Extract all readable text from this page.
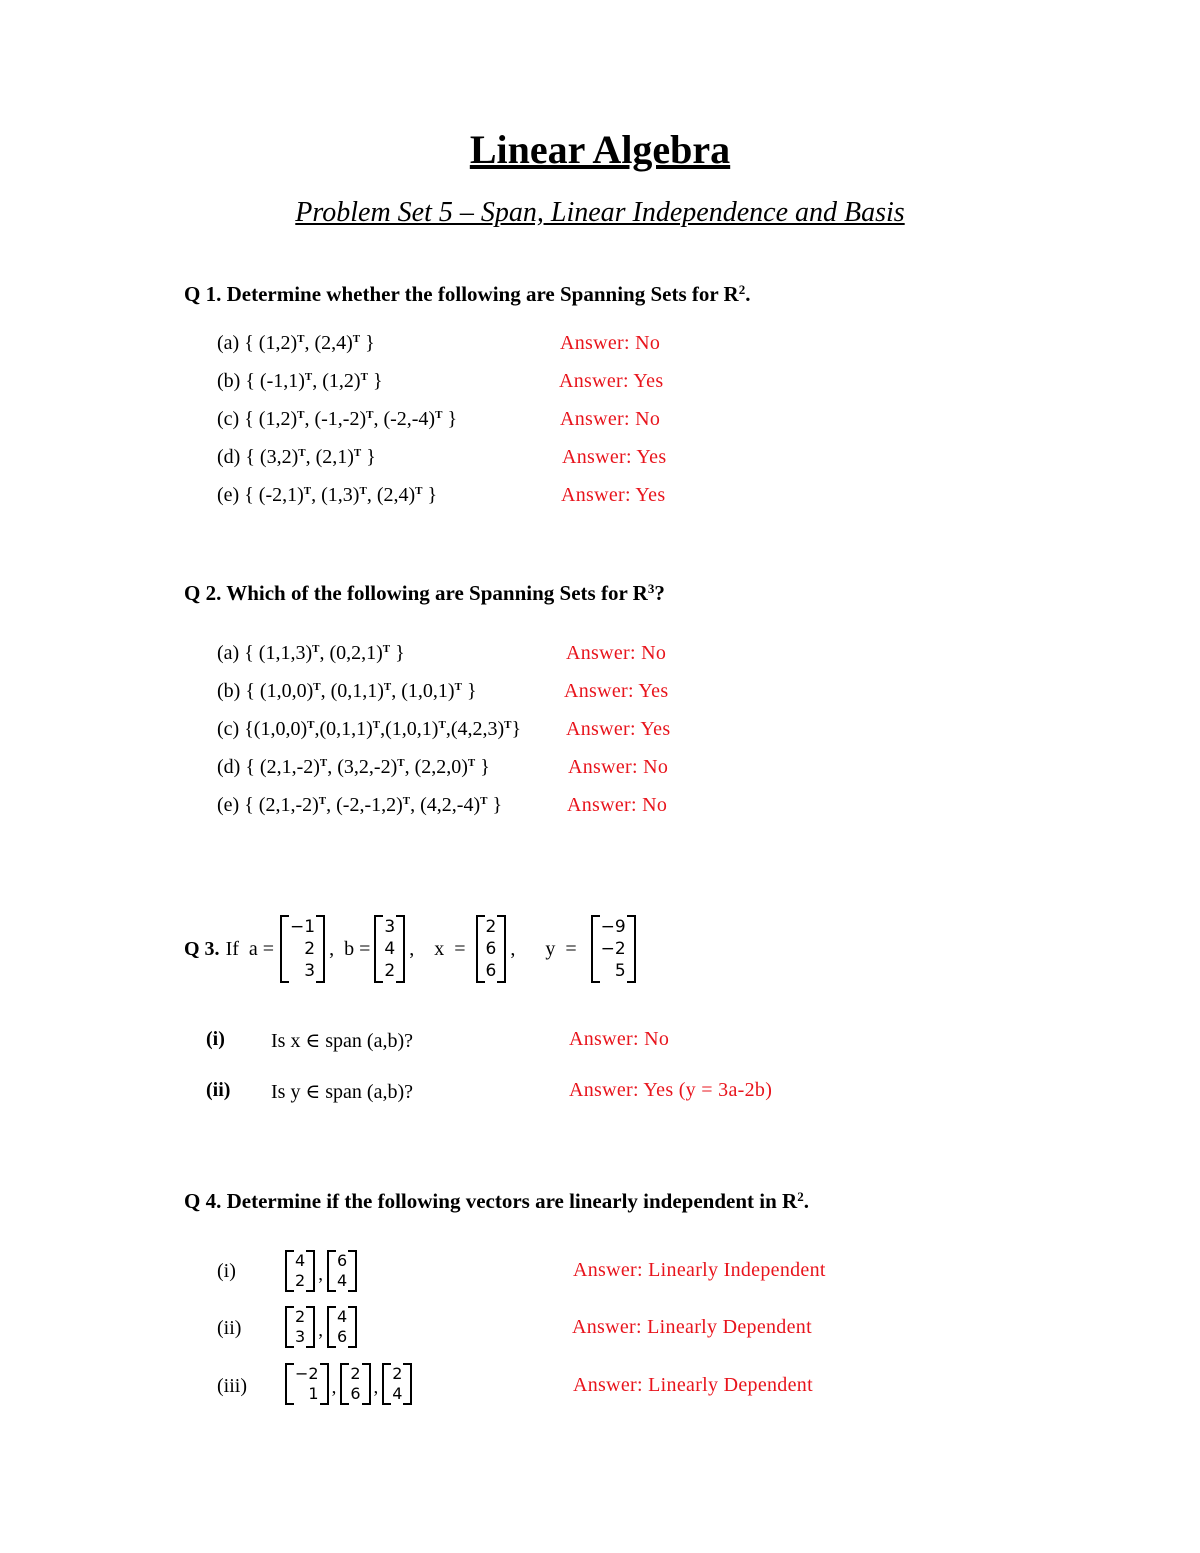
Linear Algebra
Problem Set 5 – Span, Linear Independence and Basis
Q 1. Determine whether the following are Spanning Sets for $R^2$.
(a) { $(1,2)^T$, $(2,4)^T$ }	Answer: No
(b) { $(-1,1)^T$, $(1,2)^T$ }	Answer: Yes
(c) { $(1,2)^T$, $(-1,-2)^T$, $(-2,-4)^T$ }	Answer: No
(d) { $(3,2)^T$, $(2,1)^T$ }	Answer: Yes
(e) { $(-2,1)^T$, $(1,3)^T$, $(2,4)^T$ }	Answer: Yes
Q 2. Which of the following are Spanning Sets for $R^3$?
(a) { $(1,1,3)^T$, $(0,2,1)^T$ }	Answer: No
(b) { $(1,0,0)^T$, $(0,1,1)^T$, $(1,0,1)^T$ }	Answer: Yes
(c) $\{(1,0,0)^T,(0,1,1)^T,(1,0,1)^T,(4,2,3)^T\}$ Answer: Yes
(d) { $(2,1,-2)^T$, $(3,2,-2)^T$, $(2,2,0)^T$ }	Answer: No
(e) { $(2,1,-2)^T$, $(-2,-1,2)^T$, $(4,2,-4)^T$ }	Answer: No
Q 3. If a =
−1
2
3
,  b =
3
4
2
,    x  =
2
6
6
,      y  =
−9
−2
5
(i) Is x ∈ span (a,b)?	Answer: No
(ii) Is y ∈ span (a,b)?	Answer: Yes (y = 3a-2b)
Q 4. Determine if the following vectors are linearly independent in $R^2$.
(i)	4
2 ,
6
4	Answer: Linearly Independent
(ii)
2
3 ,
4
6	Answer: Linearly Dependent
(iii)
−2
1 ,
2
6 ,
2
4	Answer: Linearly Dependent
